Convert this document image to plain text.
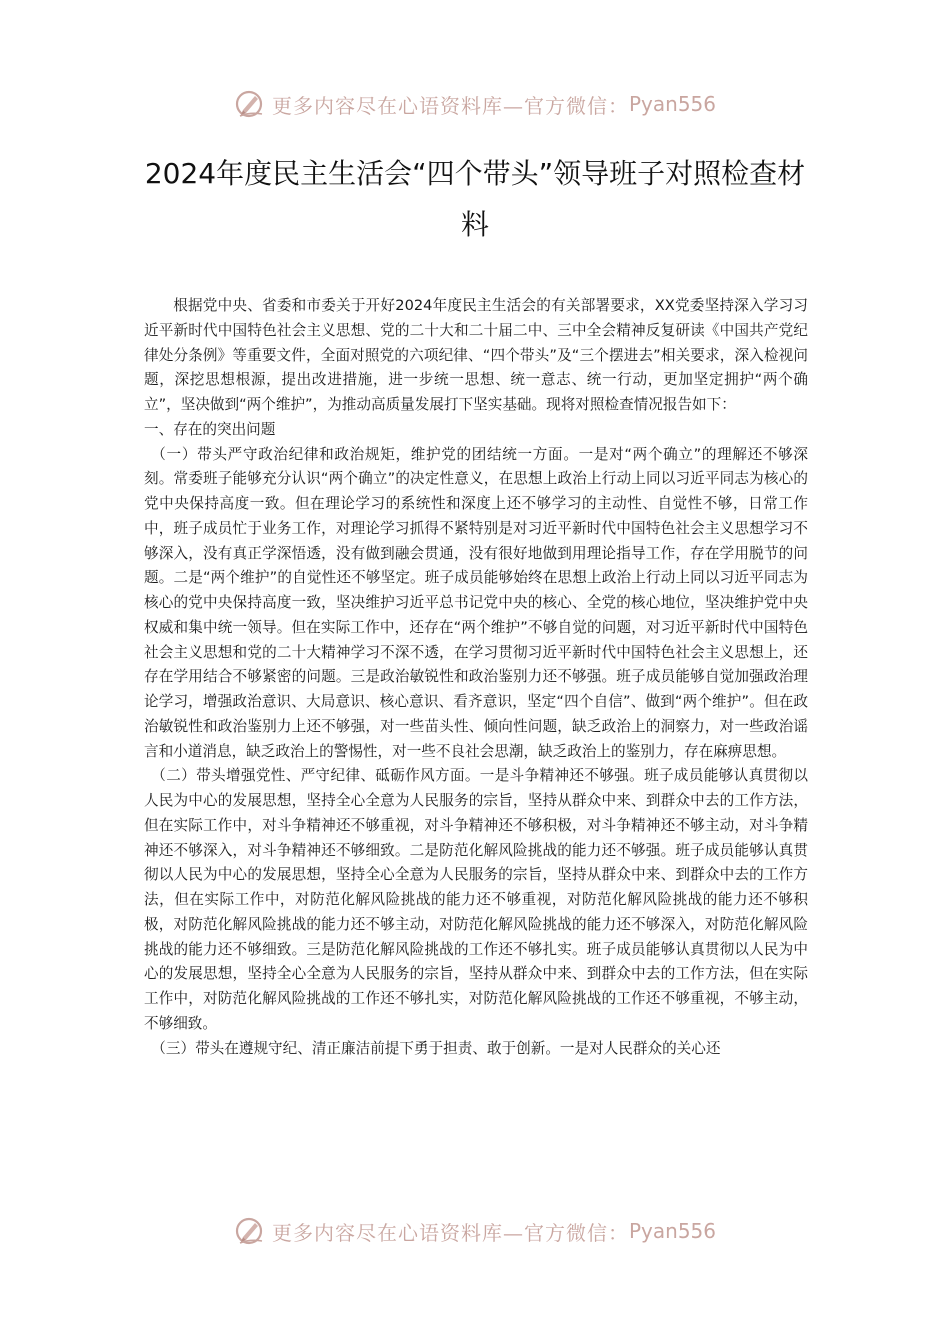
更多内容尽在心语资料库—官方微信： Pyan556
2024年度民主生活会“四个带头”领导班子对照检查材料

根据党中央、省委和市委关于开好2024年度民主生活会的有关部署要求，XX党委坚持深入学习习近平新时代中国特色社会主义思想、党的二十大和二十届二中、三中全会精神反复研读《中国共产党纪律处分条例》等重要文件，全面对照党的六项纪律、“四个带头”及“三个摆进去”相关要求，深入检视问题，深挖思想根源，提出改进措施，进一步统一思想、统一意志、统一行动，更加坚定拥护“两个确立”，坚决做到“两个维护”，为推动高质量发展打下坚实基础。现将对照检查情况报告如下：

一、存在的突出问题

（一）带头严守政治纪律和政治规矩，维护党的团结统一方面。一是对“两个确立”的理解还不够深刻。常委班子能够充分认识“两个确立”的决定性意义，在思想上政治上行动上同以习近平同志为核心的党中央保持高度一致。但在理论学习的系统性和深度上还不够学习的主动性、自觉性不够，日常工作中，班子成员忙于业务工作，对理论学习抓得不紧特别是对习近平新时代中国特色社会主义思想学习不够深入，没有真正学深悟透，没有做到融会贯通，没有很好地做到用理论指导工作，存在学用脱节的问题。二是“两个维护”的自觉性还不够坚定。班子成员能够始终在思想上政治上行动上同以习近平同志为核心的党中央保持高度一致，坚决维护习近平总书记党中央的核心、全党的核心地位，坚决维护党中央权威和集中统一领导。但在实际工作中，还存在“两个维护”不够自觉的问题，对习近平新时代中国特色社会主义思想和党的二十大精神学习不深不透，在学习贯彻习近平新时代中国特色社会主义思想上，还存在学用结合不够紧密的问题。三是政治敏锐性和政治鉴别力还不够强。班子成员能够自觉加强政治理论学习，增强政治意识、大局意识、核心意识、看齐意识，坚定“四个自信”、做到“两个维护”。但在政治敏锐性和政治鉴别力上还不够强，对一些苗头性、倾向性问题，缺乏政治上的洞察力，对一些政治谣言和小道消息，缺乏政治上的警惕性，对一些不良社会思潮，缺乏政治上的鉴别力，存在麻痹思想。

（二）带头增强党性、严守纪律、砥砺作风方面。一是斗争精神还不够强。班子成员能够认真贯彻以人民为中心的发展思想，坚持全心全意为人民服务的宗旨，坚持从群众中来、到群众中去的工作方法，但在实际工作中，对斗争精神还不够重视，对斗争精神还不够积极，对斗争精神还不够主动，对斗争精神还不够深入，对斗争精神还不够细致。二是防范化解风险挑战的能力还不够强。班子成员能够认真贯彻以人民为中心的发展思想，坚持全心全意为人民服务的宗旨，坚持从群众中来、到群众中去的工作方法，但在实际工作中，对防范化解风险挑战的能力还不够重视，对防范化解风险挑战的能力还不够积极，对防范化解风险挑战的能力还不够主动，对防范化解风险挑战的能力还不够深入，对防范化解风险挑战的能力还不够细致。三是防范化解风险挑战的工作还不够扎实。班子成员能够认真贯彻以人民为中心的发展思想，坚持全心全意为人民服务的宗旨，坚持从群众中来、到群众中去的工作方法，但在实际工作中，对防范化解风险挑战的工作还不够扎实，对防范化解风险挑战的工作还不够重视，不够主动，不够细致。

（三）带头在遵规守纪、清正廉洁前提下勇于担责、敢于创新。一是对人民群众的关心还

更多内容尽在心语资料库—官方微信： Pyan556
